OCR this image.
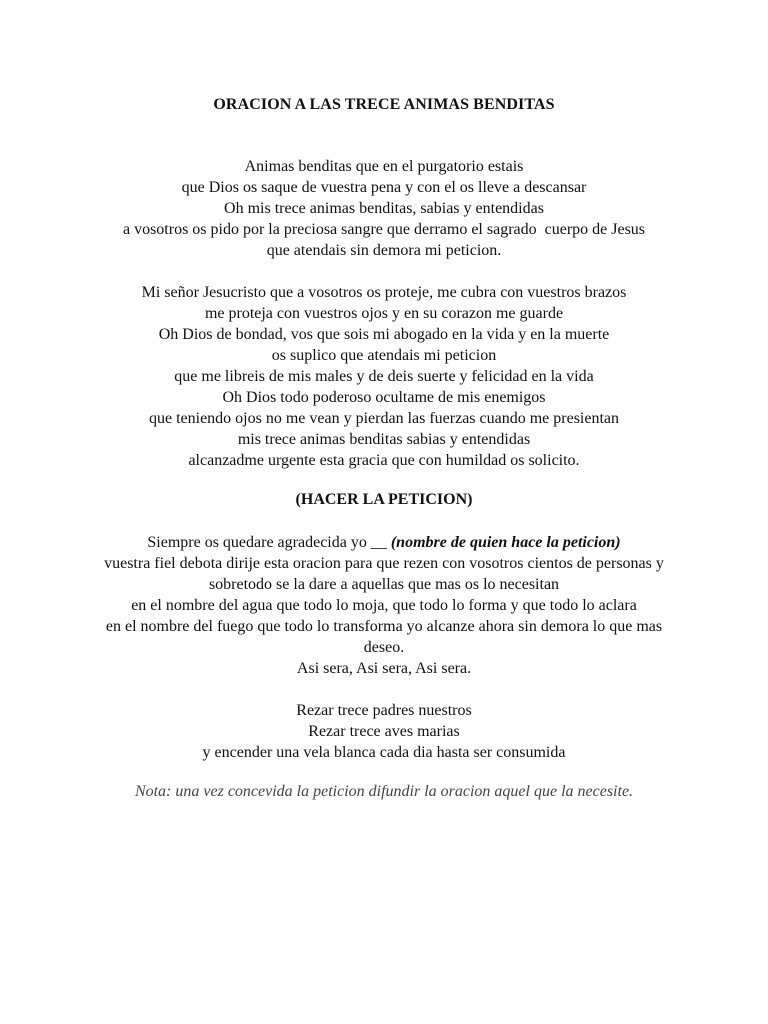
ORACION A LAS TRECE ANIMAS BENDITAS
Animas benditas que en el purgatorio estais
que Dios os saque de vuestra pena y con el os lleve a descansar
Oh mis trece animas benditas, sabias y entendidas
a vosotros os pido por la preciosa sangre que derramo el sagrado  cuerpo de Jesus
que atendais sin demora mi peticion.
Mi señor Jesucristo que a vosotros os proteje, me cubra con vuestros brazos
me proteja con vuestros ojos y en su corazon me guarde
Oh Dios de bondad, vos que sois mi abogado en la vida y en la muerte
os suplico que atendais mi peticion
que me libreis de mis males y de deis suerte y felicidad en la vida
Oh Dios todo poderoso ocultame de mis enemigos
que teniendo ojos no me vean y pierdan las fuerzas cuando me presientan
mis trece animas benditas sabias y entendidas
alcanzadme urgente esta gracia que con humildad os solicito.
(HACER LA PETICION)
Siempre os quedare agradecida yo __ (nombre de quien hace la peticion)
vuestra fiel debota dirije esta oracion para que rezen con vosotros cientos de personas y
sobretodo se la dare a aquellas que mas os lo necesitan
en el nombre del agua que todo lo moja, que todo lo forma y que todo lo aclara
en el nombre del fuego que todo lo transforma yo alcanze ahora sin demora lo que mas
deseo.
Asi sera, Asi sera, Asi sera.
Rezar trece padres nuestros
Rezar trece aves marias
y encender una vela blanca cada dia hasta ser consumida
Nota: una vez concevida la peticion difundir la oracion aquel que la necesite.
